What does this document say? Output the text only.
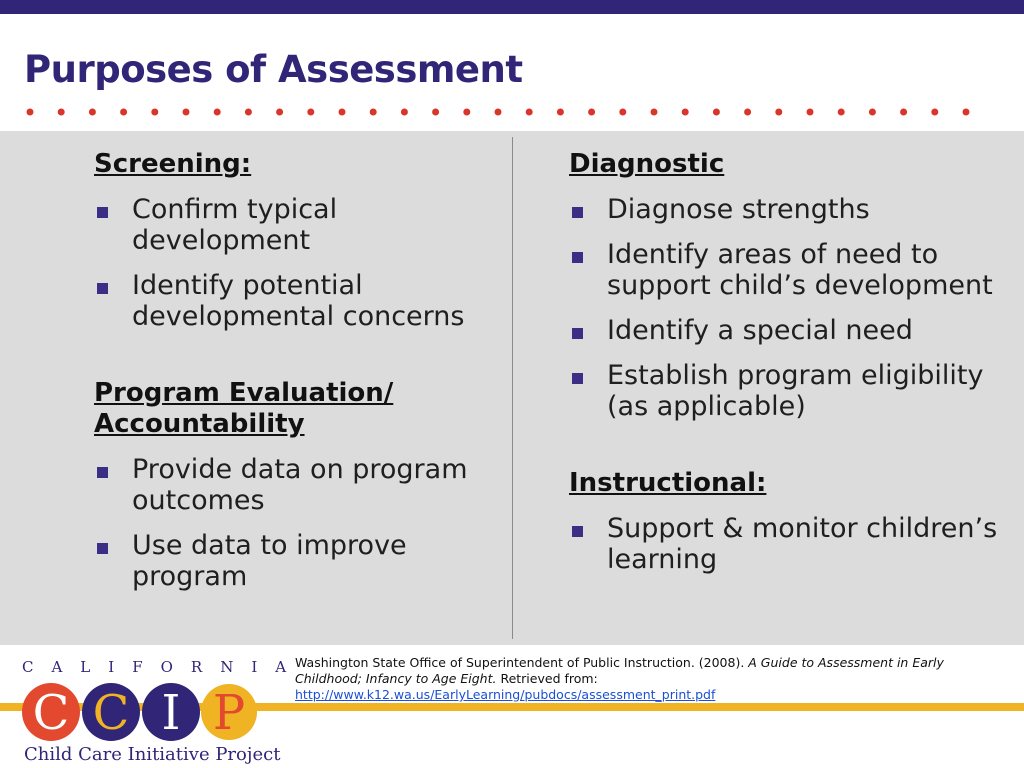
Purposes of Assessment

Screening:

Confirm typical development
Identify potential developmental concerns

Program Evaluation/ Accountability

Provide data on program outcomes
Use data to improve program

Diagnostic

Diagnose strengths
Identify areas of need to support child’s development
Identify a special need
Establish program eligibility (as applicable)

Instructional:

Support & monitor children’s learning
Washington State Office of Superintendent of Public Instruction. (2008). A Guide to Assessment in Early Childhood; Infancy to Age Eight. Retrieved from: http://www.k12.wa.us/EarlyLearning/pubdocs/assessment_print.pdf
CALIFORNIA
C C I P
Child Care Initiative Project
